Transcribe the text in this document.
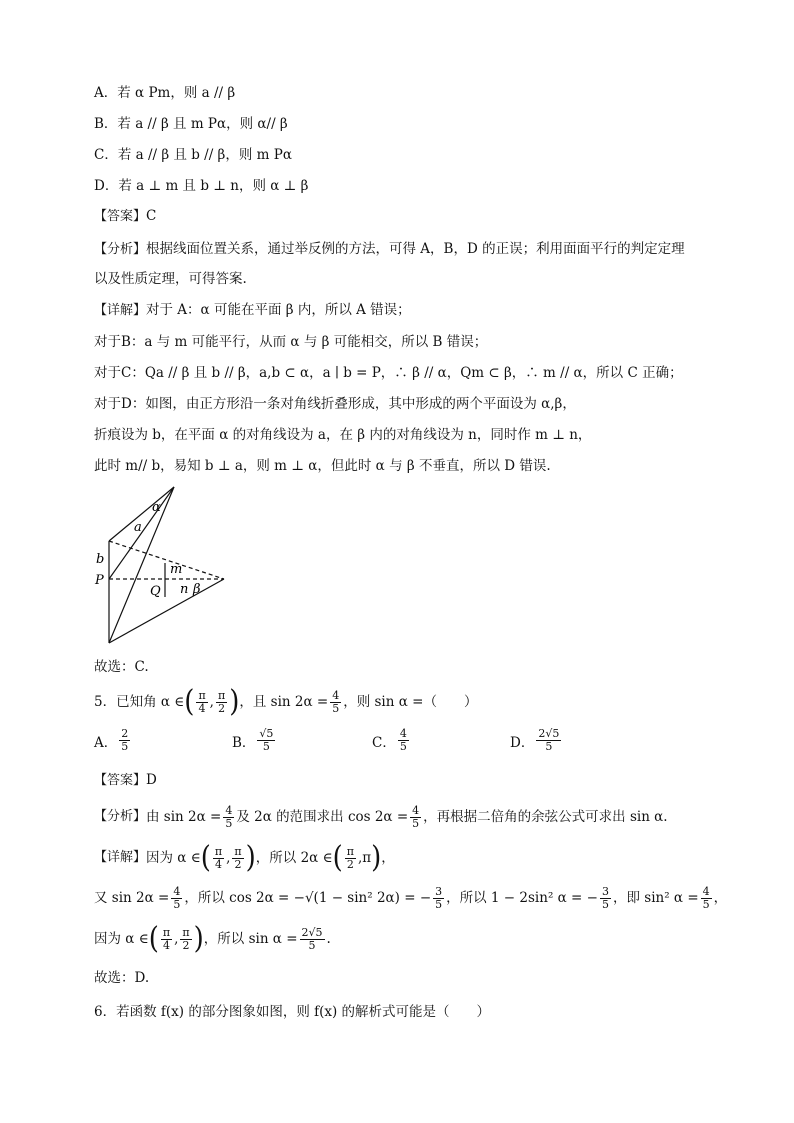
A．若 α Pm，则 a // β
B．若 a // β 且 m Pα，则 α// β
C．若 a // β 且 b // β，则 m Pα
D．若 a ⊥ m 且 b ⊥ n，则 α ⊥ β
【答案】C
【分析】根据线面位置关系，通过举反例的方法，可得 A，B，D 的正误；利用面面平行的判定定理
以及性质定理，可得答案.
【详解】对于 A：α 可能在平面 β 内，所以 A 错误；
对于B：a 与 m 可能平行，从而 α 与 β 可能相交，所以 B 错误；
对于C：Qa // β 且 b // β，a,b ⊂ α，a ∣ b = P，∴ β // α，Qm ⊂ β，∴ m // α，所以 C 正确；
对于D：如图，由正方形沿一条对角线折叠形成，其中形成的两个平面设为 α,β，
折痕设为 b，在平面 α 的对角线设为 a，在 β 内的对角线设为 n，同时作 m ⊥ n，
此时 m// b，易知 b ⊥ a，则 m ⊥ α，但此时 α 与 β 不垂直，所以 D 错误.
α
a
b
P
m
Q n β
故选：C.
5．已知角 α ∈ ( $\frac{\pi}{4}$ , $\frac{\pi}{2}$ ) ，且 $\sin 2\alpha = \frac{4}{5}$ ，则 sin α =（　　）
A． $\frac{2}{5}$	B． $\frac{√5}{5}$	C． $\frac{4}{5}$	D． $\frac{2√5}{5}$
【答案】D
【分析】 由 $\sin 2\alpha = \frac{4}{5}$ 及 2α 的范围求出 $\cos 2\alpha = \frac{4}{5}$ ，再根据二倍角的余弦公式可求出 sin α.
【详解】 因为 α ∈ ( $\frac{\pi}{4}$ , $\frac{\pi}{2}$ ) ，所以 2α ∈ ( $\frac{\pi}{2}$ , π ) ，
又 $\sin 2\alpha = \frac{4}{5}$ ，所以 cos 2α = −√(1 − sin² 2α) = − $\frac{3}{5}$ ，所以 1 − 2sin² α = − $\frac{3}{5}$ ，即 sin² $\alpha = \frac{4}{5}$ ，
因为 α ∈ ( $\frac{\pi}{4}$ , $\frac{\pi}{2}$ ) ，所以 $\sin \alpha = \frac{2√5}{5}$ .
故选：D.
6．若函数 f(x) 的部分图象如图，则 f(x) 的解析式可能是（　　）
